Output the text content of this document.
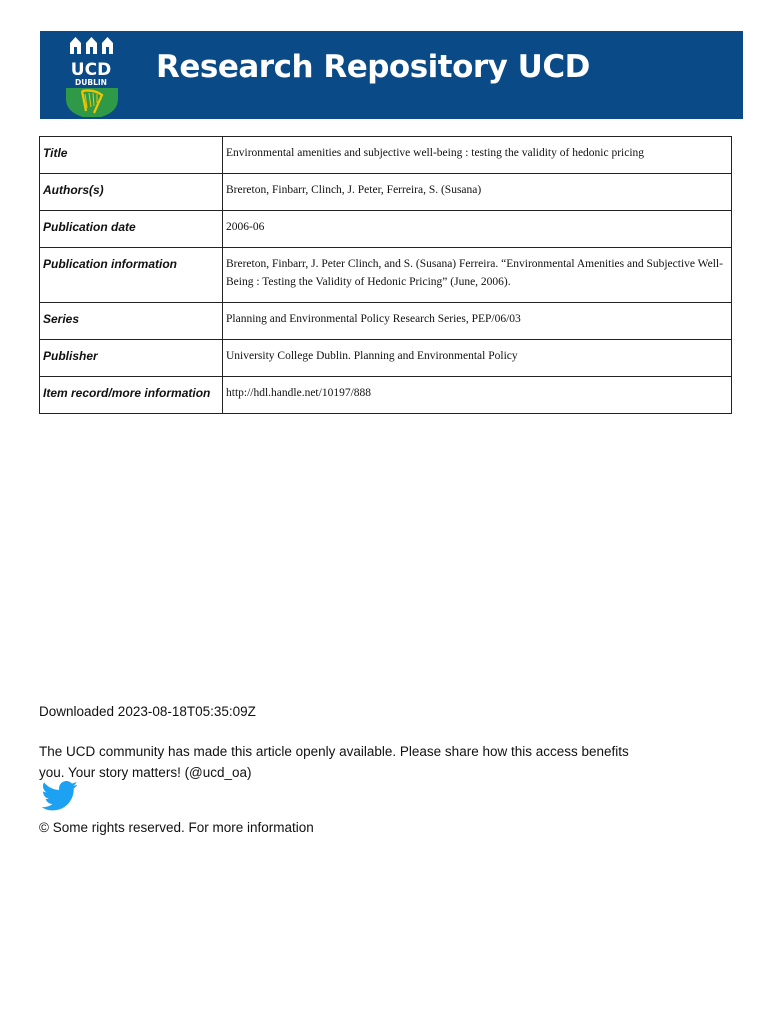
UCD
DUBLIN Research Repository UCD
Title	Environmental amenities and subjective well-being : testing the validity of hedonic pricing
Authors(s)	Brereton, Finbarr, Clinch, J. Peter, Ferreira, S. (Susana)
Publication date	2006-06
Publication information	Brereton, Finbarr, J. Peter Clinch, and S. (Susana) Ferreira. “Environmental Amenities and Subjective Well-Being : Testing the Validity of Hedonic Pricing” (June, 2006).
Series	Planning and Environmental Policy Research Series, PEP/06/03
Publisher	University College Dublin. Planning and Environmental Policy
Item record/more information	http://hdl.handle.net/10197/888
Downloaded 2023-08-18T05:35:09Z
The UCD community has made this article openly available. Please share how this access benefits you. Your story matters! (@ucd_oa)
© Some rights reserved. For more information
